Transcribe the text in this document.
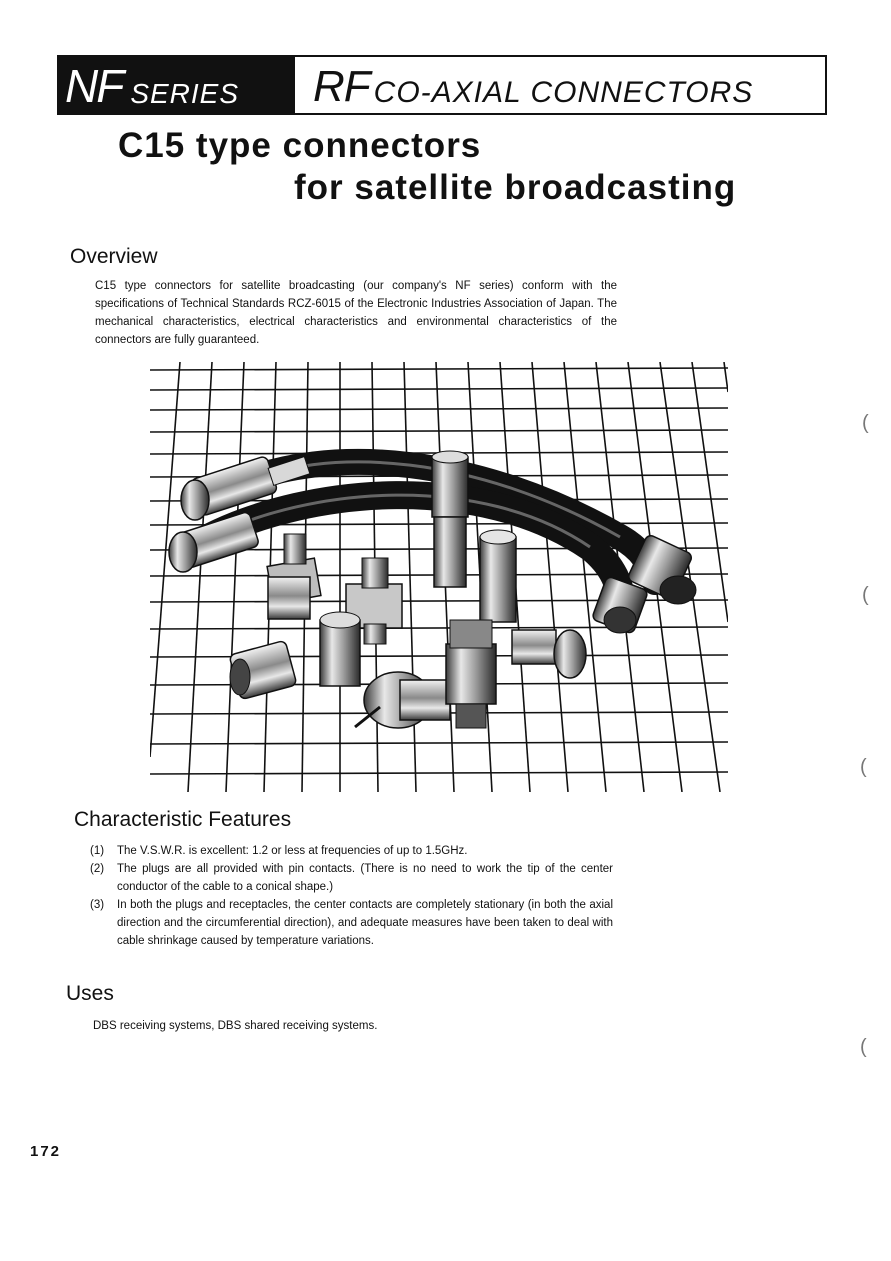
NF SERIES RF CO-AXIAL CONNECTORS
C15 type connectors
for satellite broadcasting
Overview
C15 type connectors for satellite broadcasting (our company's NF series) conform with the specifications of Technical Standards RCZ-6015 of the Electronic Industries Association of Japan. The mechanical characteristics, electrical characteristics and environmental characteristics of the connectors are fully guaranteed.
Characteristic Features
(1)	The V.S.W.R. is excellent: 1.2 or less at frequencies of up to 1.5GHz.
(2)	The plugs are all provided with pin contacts. (There is no need to work the tip of the center conductor of the cable to a conical shape.)
(3)	In both the plugs and receptacles, the center contacts are completely stationary (in both the axial direction and the circumferential direction), and adequate measures have been taken to deal with cable shrinkage caused by temperature variations.
Uses
DBS receiving systems, DBS shared receiving systems.
172
(
(
(
(
